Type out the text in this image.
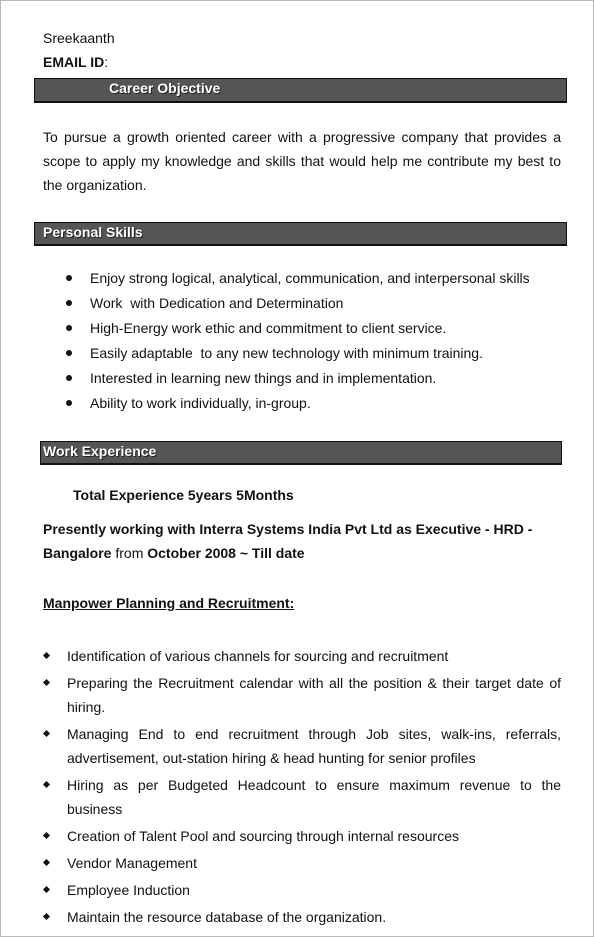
Sreekaanth
EMAIL ID:
Career Objective
To pursue a growth oriented career with a progressive company that provides a scope to apply my knowledge and skills that would help me contribute my best to the organization.
Personal Skills
Enjoy strong logical, analytical, communication, and interpersonal skills
Work  with Dedication and Determination
High-Energy work ethic and commitment to client service.
Easily adaptable  to any new technology with minimum training.
Interested in learning new things and in implementation.
Ability to work individually, in-group.
Work Experience
Total Experience 5years 5Months
Presently working with Interra Systems India Pvt Ltd as Executive - HRD - Bangalore from October 2008 ~ Till date
Manpower Planning and Recruitment:
Identification of various channels for sourcing and recruitment
Preparing the Recruitment calendar with all the position & their target date of hiring.
Managing End to end recruitment through Job sites, walk-ins, referrals, advertisement, out-station hiring & head hunting for senior profiles
Hiring as per Budgeted Headcount to ensure maximum revenue to the business
Creation of Talent Pool and sourcing through internal resources
Vendor Management
Employee Induction
Maintain the resource database of the organization.
